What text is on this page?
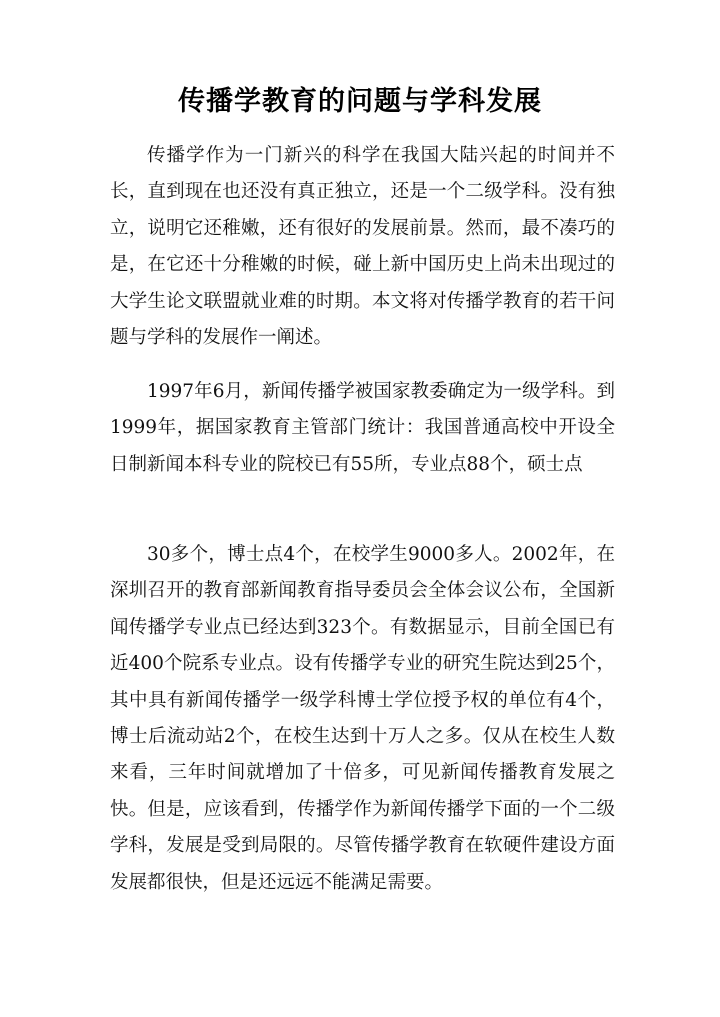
传播学教育的问题与学科发展

传播学作为一门新兴的科学在我国大陆兴起的时间并不长，直到现在也还没有真正独立，还是一个二级学科。没有独立，说明它还稚嫩，还有很好的发展前景。然而，最不凑巧的是，在它还十分稚嫩的时候，碰上新中国历史上尚未出现过的大学生论文联盟就业难的时期。本文将对传播学教育的若干问题与学科的发展作一阐述。

1997年6月，新闻传播学被国家教委确定为一级学科。到1999年，据国家教育主管部门统计：我国普通高校中开设全日制新闻本科专业的院校已有55所，专业点88个，硕士点

30多个，博士点4个，在校学生9000多人。2002年，在深圳召开的教育部新闻教育指导委员会全体会议公布，全国新闻传播学专业点已经达到323个。有数据显示，目前全国已有近400个院系专业点。设有传播学专业的研究生院达到25个，其中具有新闻传播学一级学科博士学位授予权的单位有4个，博士后流动站2个，在校生达到十万人之多。仅从在校生人数来看，三年时间就增加了十倍多，可见新闻传播教育发展之快。但是，应该看到，传播学作为新闻传播学下面的一个二级学科，发展是受到局限的。尽管传播学教育在软硬件建设方面发展都很快，但是还远远不能满足需要。
